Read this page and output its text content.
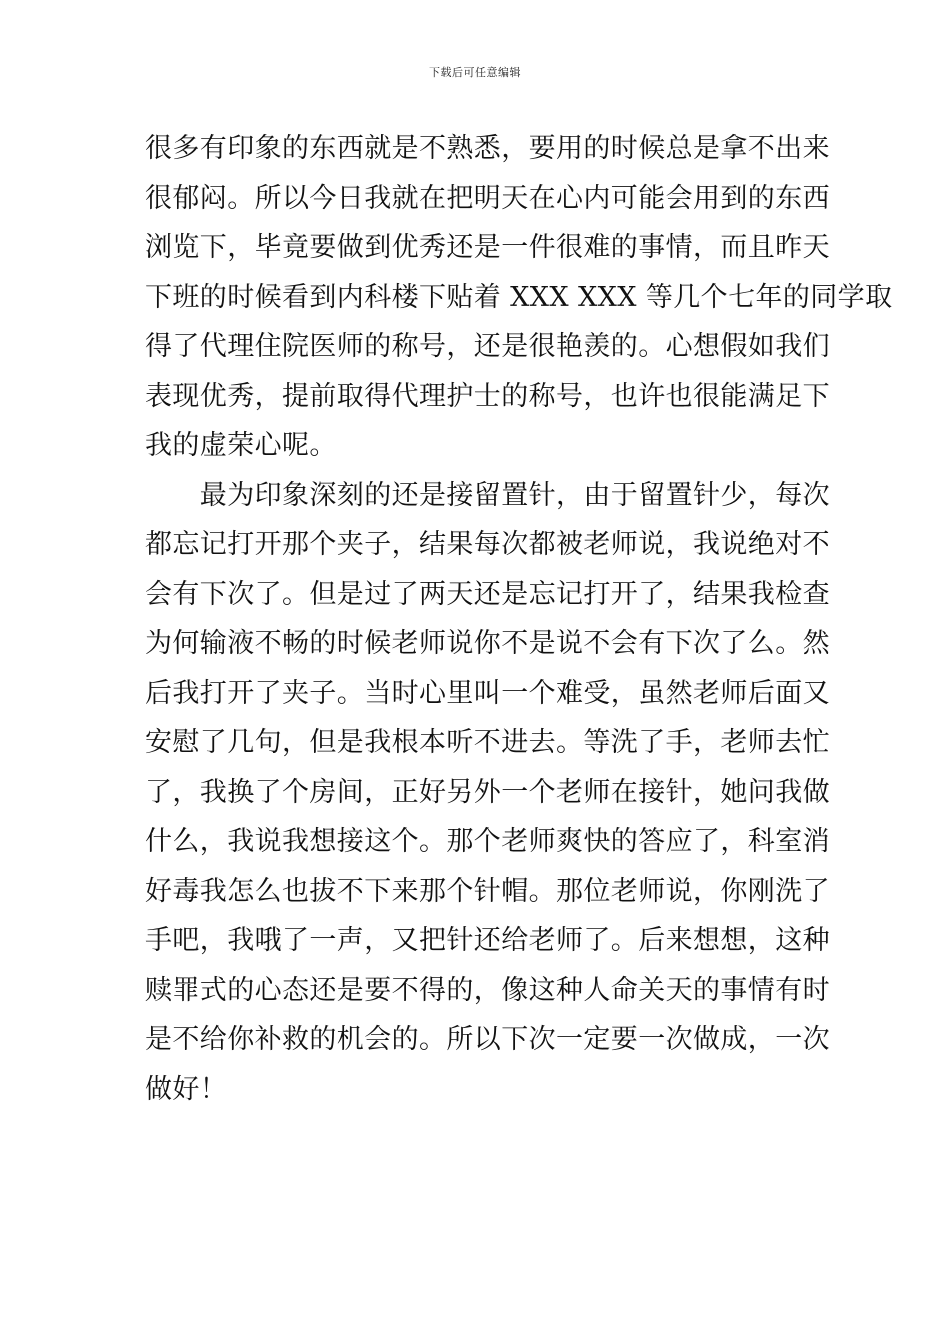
下载后可任意编辑
很多有印象的东西就是不熟悉，要用的时候总是拿不出来
很郁闷。所以今日我就在把明天在心内可能会用到的东西
浏览下，毕竟要做到优秀还是一件很难的事情，而且昨天
下班的时候看到内科楼下贴着 XXX XXX 等几个七年的同学取
得了代理住院医师的称号，还是很艳羡的。心想假如我们
表现优秀，提前取得代理护士的称号，也许也很能满足下
我的虚荣心呢。
　　最为印象深刻的还是接留置针，由于留置针少，每次
都忘记打开那个夹子，结果每次都被老师说，我说绝对不
会有下次了。但是过了两天还是忘记打开了，结果我检查
为何输液不畅的时候老师说你不是说不会有下次了么。然
后我打开了夹子。当时心里叫一个难受，虽然老师后面又
安慰了几句，但是我根本听不进去。等洗了手，老师去忙
了，我换了个房间，正好另外一个老师在接针，她问我做
什么，我说我想接这个。那个老师爽快的答应了，科室消
好毒我怎么也拔不下来那个针帽。那位老师说，你刚洗了
手吧，我哦了一声，又把针还给老师了。后来想想，这种
赎罪式的心态还是要不得的，像这种人命关天的事情有时
是不给你补救的机会的。所以下次一定要一次做成，一次
做好！
